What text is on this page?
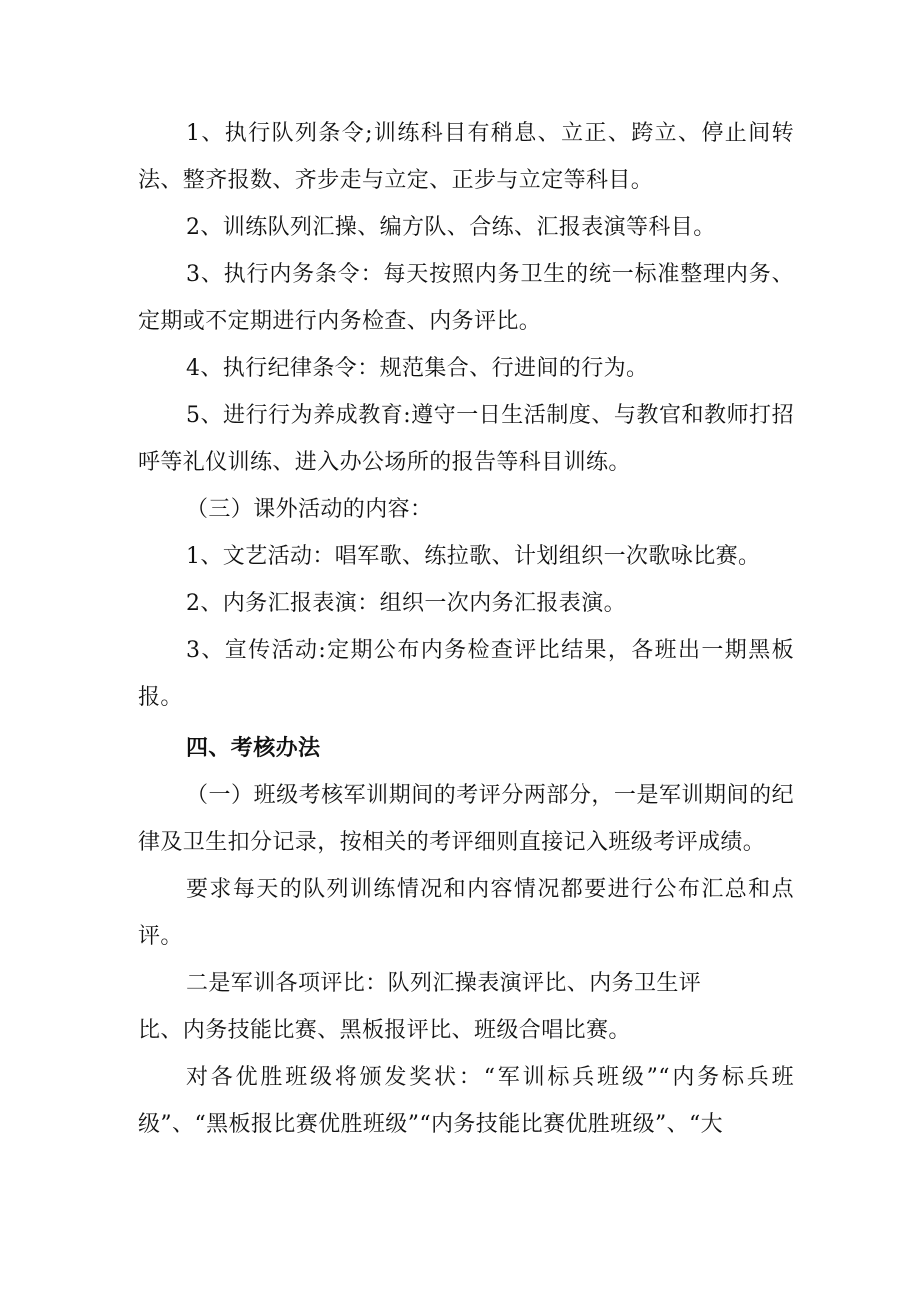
1、执行队列条令;训练科目有稍息、立正、跨立、停止间转法、整齐报数、齐步走与立定、正步与立定等科目。

2、训练队列汇操、编方队、合练、汇报表演等科目。

3、执行内务条令：每天按照内务卫生的统一标准整理内务、定期或不定期进行内务检查、内务评比。

4、执行纪律条令：规范集合、行进间的行为。

5、进行行为养成教育:遵守一日生活制度、与教官和教师打招呼等礼仪训练、进入办公场所的报告等科目训练。

（三）课外活动的内容：

1、文艺活动：唱军歌、练拉歌、计划组织一次歌咏比赛。

2、内务汇报表演：组织一次内务汇报表演。

3、宣传活动:定期公布内务检查评比结果，各班出一期黑板报。

四、考核办法

（一）班级考核军训期间的考评分两部分，一是军训期间的纪律及卫生扣分记录，按相关的考评细则直接记入班级考评成绩。

要求每天的队列训练情况和内容情况都要进行公布汇总和点评。

二是军训各项评比：队列汇操表演评比、内务卫生评

比、内务技能比赛、黑板报评比、班级合唱比赛。

对各优胜班级将颁发奖状：“军训标兵班级”“内务标兵班级”、“黑板报比赛优胜班级”“内务技能比赛优胜班级”、“大
